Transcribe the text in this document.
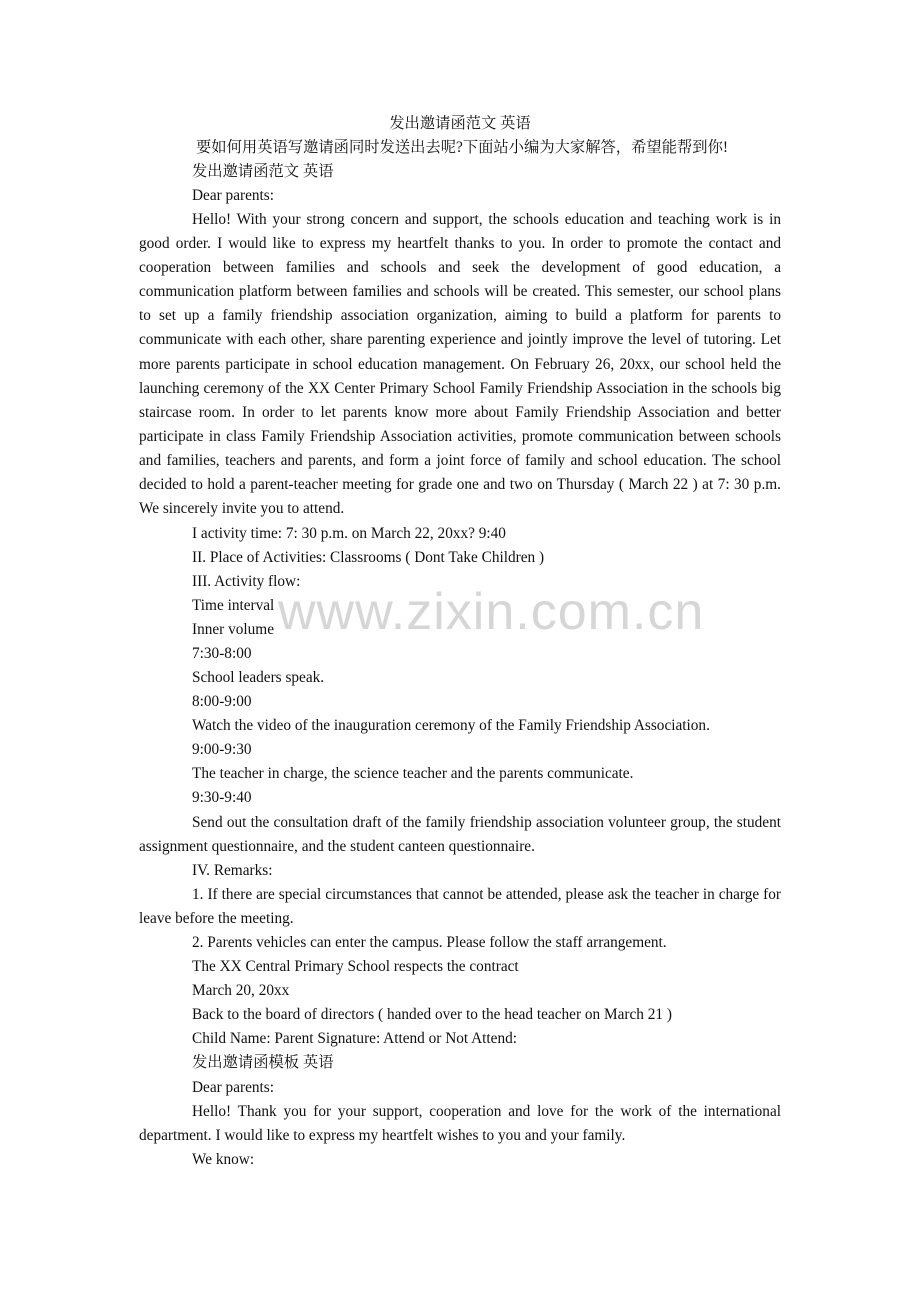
www.zixin.com.cn
发出邀请函范文 英语
要如何用英语写邀请函同时发送出去呢?下面站小编为大家解答，希望能帮到你!
发出邀请函范文 英语
Dear parents:
Hello! With your strong concern and support, the schools education and teaching work is in good order. I would like to express my heartfelt thanks to you. In order to promote the contact and cooperation between families and schools and seek the development of good education, a communication platform between families and schools will be created. This semester, our school plans to set up a family friendship association organization, aiming to build a platform for parents to communicate with each other, share parenting experience and jointly improve the level of tutoring. Let more parents participate in school education management. On February 26, 20xx, our school held the launching ceremony of the XX Center Primary School Family Friendship Association in the schools big staircase room. In order to let parents know more about Family Friendship Association and better participate in class Family Friendship Association activities, promote communication between schools and families, teachers and parents, and form a joint force of family and school education. The school decided to hold a parent-teacher meeting for grade one and two on Thursday ( March 22 ) at 7: 30 p.m. We sincerely invite you to attend.
I activity time: 7: 30 p.m. on March 22, 20xx? 9:40
II. Place of Activities: Classrooms ( Dont Take Children )
III. Activity flow:
Time interval
Inner volume
7:30-8:00
School leaders speak.
8:00-9:00
Watch the video of the inauguration ceremony of the Family Friendship Association.
9:00-9:30
The teacher in charge, the science teacher and the parents communicate.
9:30-9:40
Send out the consultation draft of the family friendship association volunteer group, the student assignment questionnaire, and the student canteen questionnaire.
IV. Remarks:
1. If there are special circumstances that cannot be attended, please ask the teacher in charge for leave before the meeting.
2. Parents vehicles can enter the campus. Please follow the staff arrangement.
The XX Central Primary School respects the contract
March 20, 20xx
Back to the board of directors ( handed over to the head teacher on March 21 )
Child Name: Parent Signature: Attend or Not Attend:
发出邀请函模板 英语
Dear parents:
Hello! Thank you for your support, cooperation and love for the work of the international department. I would like to express my heartfelt wishes to you and your family.
We know:
